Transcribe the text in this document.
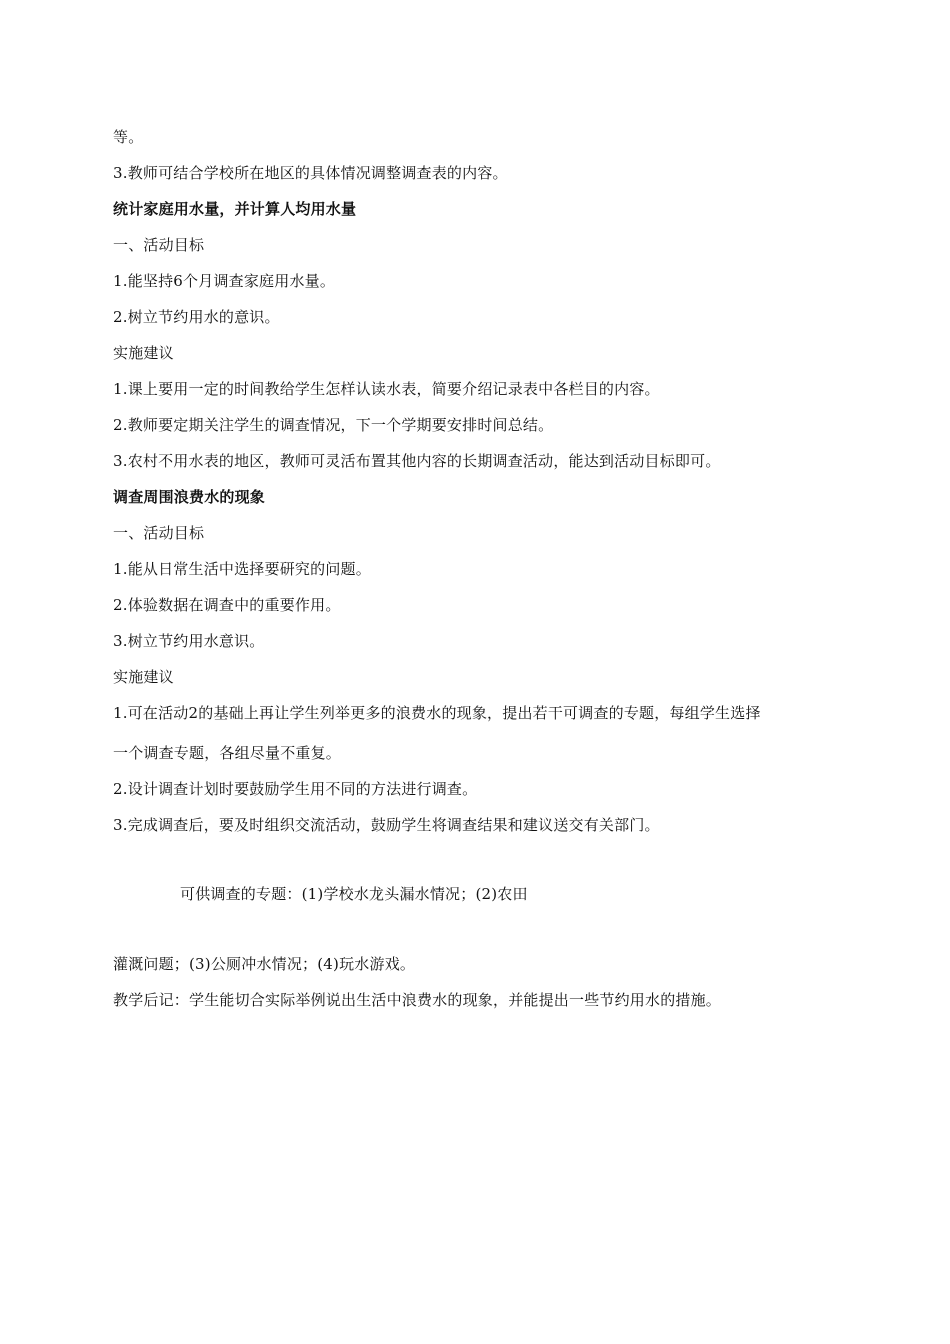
等。
3.教师可结合学校所在地区的具体情况调整调查表的内容。
统计家庭用水量，并计算人均用水量
一、活动目标
1.能坚持6个月调查家庭用水量。
2.树立节约用水的意识。
实施建议
1.课上要用一定的时间教给学生怎样认读水表，简要介绍记录表中各栏目的内容。
2.教师要定期关注学生的调查情况，下一个学期要安排时间总结。
3.农村不用水表的地区，教师可灵活布置其他内容的长期调查活动，能达到活动目标即可。
调查周围浪费水的现象
一、活动目标
1.能从日常生活中选择要研究的问题。
2.体验数据在调查中的重要作用。
3.树立节约用水意识。
实施建议
1.可在活动2的基础上再让学生列举更多的浪费水的现象，提出若干可调查的专题，每组学生选择
一个调查专题，各组尽量不重复。
2.设计调查计划时要鼓励学生用不同的方法进行调查。
3.完成调查后，要及时组织交流活动，鼓励学生将调查结果和建议送交有关部门。
可供调查的专题：(1)学校水龙头漏水情况；(2)农田
灌溉问题；(3)公厕冲水情况；(4)玩水游戏。
教学后记：学生能切合实际举例说出生活中浪费水的现象，并能提出一些节约用水的措施。
